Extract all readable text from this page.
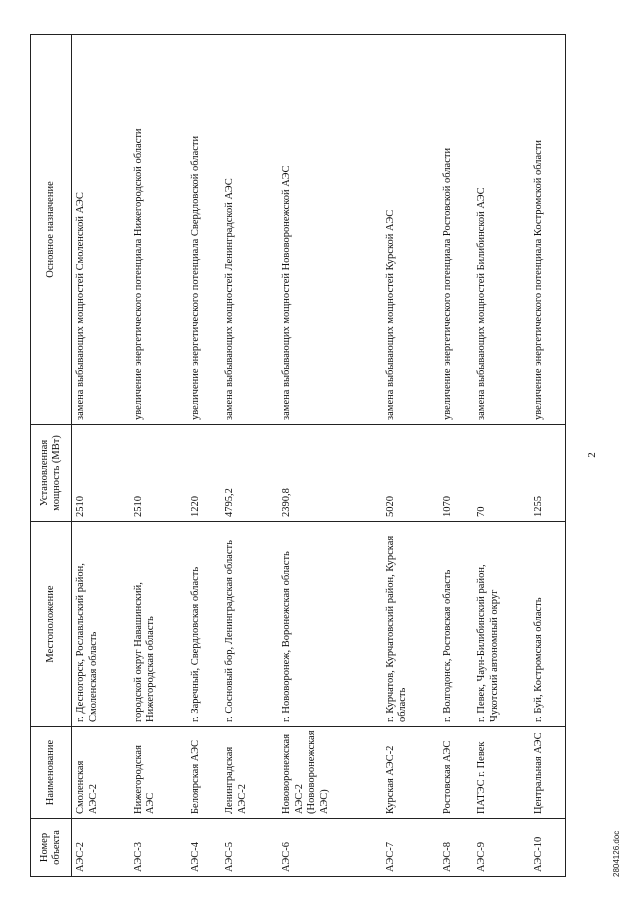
2
Номер объекта	Наименование	Местоположение	Установленная мощность (МВт)	Основное назначение
АЭС-2	Смоленская АЭС-2	г. Десногорск, Рославльский район, Смоленская область	2510	замена выбывающих мощностей Смоленской АЭС
АЭС-3	Нижегородская АЭС	городской округ Навашинский, Нижегородская область	2510	увеличение энергетического потенциала Нижегородской области
АЭС-4	Белоярская АЭС	г. Заречный, Свердловская область	1220	увеличение энергетического потенциала Свердловской области
АЭС-5	Ленинградская АЭС-2	г. Сосновый бор, Ленинградская область	4795,2	замена выбывающих мощностей Ленинградской АЭС
АЭС-6	Нововоронежская АЭС-2 (Нововоронежская АЭС)	г. Нововоронеж, Воронежская область	2390,8	замена выбывающих мощностей Нововоронежской АЭС
АЭС-7	Курская АЭС-2	г. Курчатов, Курчатовский район, Курская область	5020	замена выбывающих мощностей Курской АЭС
АЭС-8	Ростовская АЭС	г. Волгодонск, Ростовская область	1070	увеличение энергетического потенциала Ростовской области
АЭС-9	ПАТЭС г. Певек	г. Певек, Чаун-Билибинский район, Чукотский автономный округ	70	замена выбывающих мощностей Билибинской АЭС
АЭС-10	Центральная АЭС	г. Буй, Костромская область	1255	увеличение энергетического потенциала Костромской области
2804126.doc
